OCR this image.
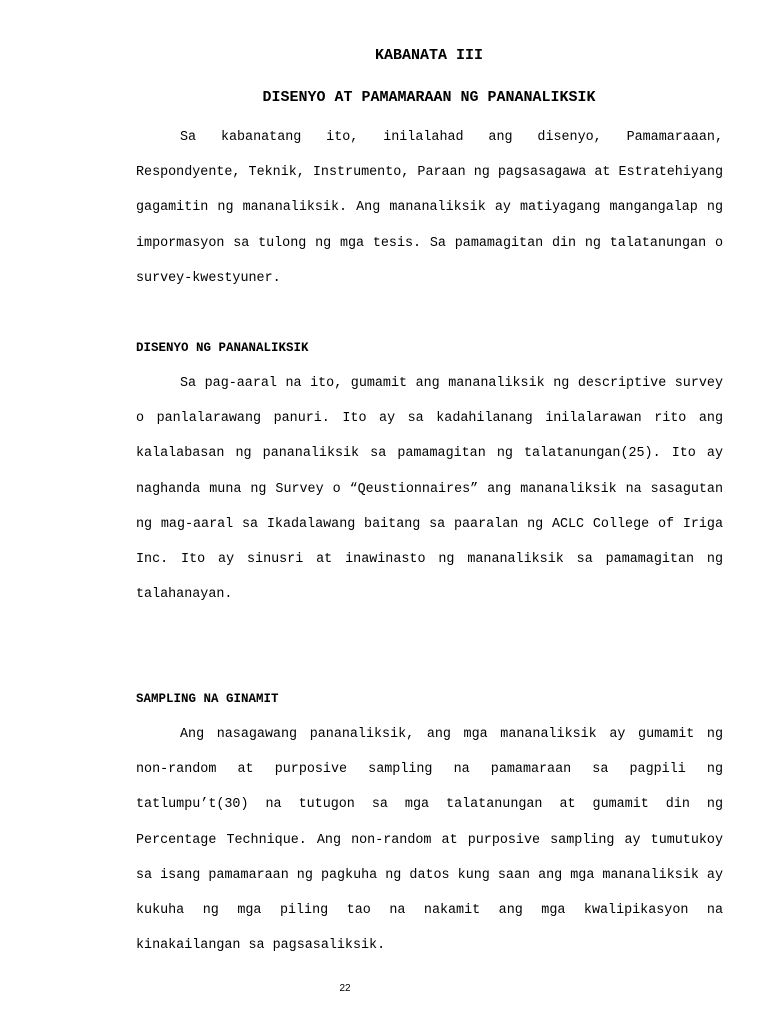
KABANATA III
DISENYO AT PAMAMARAAN NG PANANALIKSIK

Sa kabanatang ito, inilalahad ang disenyo, Pamamaraaan, Respondyente, Teknik, Instrumento, Paraan ng pagsasagawa at Estratehiyang gagamitin ng mananaliksik. Ang mananaliksik ay matiyagang mangangalap ng impormasyon sa tulong ng mga tesis. Sa pamamagitan din ng talatanungan o survey-kwestyuner.

DISENYO NG PANANALIKSIK

Sa pag-aaral na ito, gumamit ang mananaliksik ng descriptive survey o panlalarawang panuri. Ito ay sa kadahilanang inilalarawan rito ang kalalabasan ng pananaliksik sa pamamagitan ng talatanungan(25). Ito ay naghanda muna ng Survey o “Qeustionnaires” ang mananaliksik na sasagutan ng mag-aaral sa Ikadalawang baitang sa paaralan ng ACLC College of Iriga Inc. Ito ay sinusri at inawinasto ng mananaliksik sa pamamagitan ng talahanayan.

SAMPLING NA GINAMIT

Ang nasagawang pananaliksik, ang mga mananaliksik ay gumamit ng non-random at purposive sampling na pamamaraan sa pagpili ng tatlumpu’t(30) na tutugon sa mga talatanungan at gumamit din ng Percentage Technique. Ang non-random at purposive sampling ay tumutukoy sa isang pamamaraan ng pagkuha ng datos kung saan ang mga mananaliksik ay kukuha ng mga piling tao na nakamit ang mga kwalipikasyon na kinakailangan sa pagsasaliksik.

22
